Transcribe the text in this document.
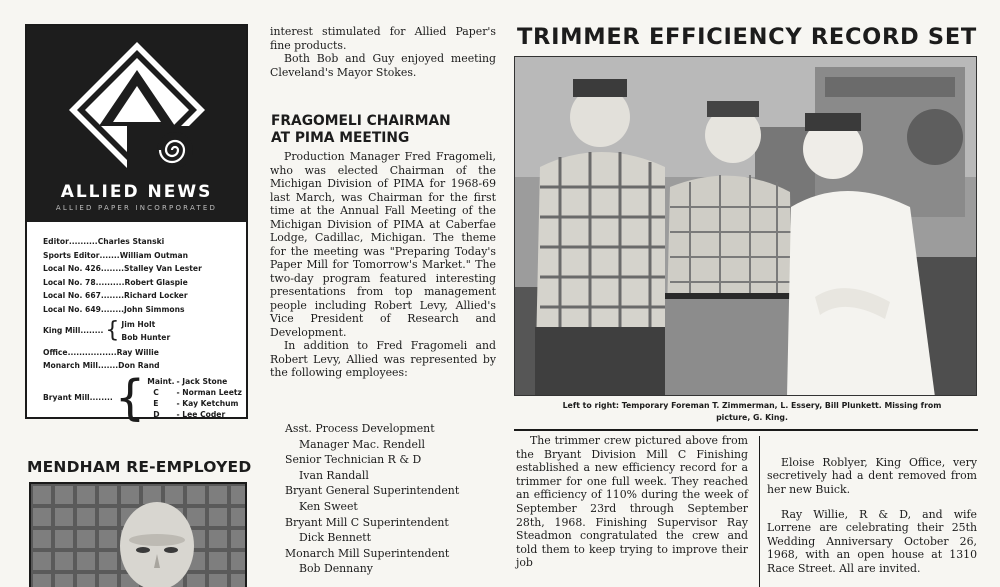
ALLIED NEWS
ALLIED PAPER INCORPORATED
Editor .......... Charles Stanski
Sports Editor ....... William Outman
Local No. 426 ........ Stalley Van Lester
Local No. 78 .......... Robert Glaspie
Local No. 667 ........ Richard Locker
Local No. 649 ........ John Simmons
King Mill ........ { Jim Holt
Bob Hunter
Office ................. Ray Willie
Monarch Mill ....... Don Rand
Bryant Mill ........ { Maint.
C
E
D
- Jack Stone
- Norman Leetz
- Kay Ketchum
- Lee Coder
MENDHAM RE-EMPLOYED

interest stimulated for Allied Paper's fine products.

Both Bob and Guy enjoyed meeting Cleveland's Mayor Stokes.

FRAGOMELI CHAIRMAN
AT PIMA MEETING

Production Manager Fred Fragomeli, who was elected Chairman of the Michigan Division of PIMA for 1968-69 last March, was Chairman for the first time at the Annual Fall Meeting of the Michigan Division of PIMA at Caberfae Lodge, Cadillac, Michigan. The theme for the meeting was "Preparing Today's Paper Mill for Tomorrow's Market." The two-day program featured interesting presentations from top management people including Robert Levy, Allied's Vice President of Research and Development.

In addition to Fred Fragomeli and Robert Levy, Allied was represented by the following employees:

Asst. Process Development
Manager Mac. Rendell
Senior Technician R & D
Ivan Randall
Bryant General Superintendent
Ken Sweet
Bryant Mill C Superintendent
Dick Bennett
Monarch Mill Superintendent
Bob Dennany
TRIMMER EFFICIENCY RECORD SET
Left to right: Temporary Foreman T. Zimmerman, L. Essery, Bill Plunkett. Missing from
picture, G. King.

The trimmer crew pictured above from the Bryant Division Mill C Finishing established a new efficiency record for a trimmer for one full week. They reached an efficiency of 110% during the week of September 23rd through September 28th, 1968. Finishing Supervisor Ray Steadmon congratulated the crew and told them to keep trying to improve their job

Eloise Roblyer, King Office, very secretively had a dent removed from her new Buick.

Ray Willie, R & D, and wife Lorrene are celebrating their 25th Wedding Anniversary October 26, 1968, with an open house at 1310 Race Street. All are invited.
